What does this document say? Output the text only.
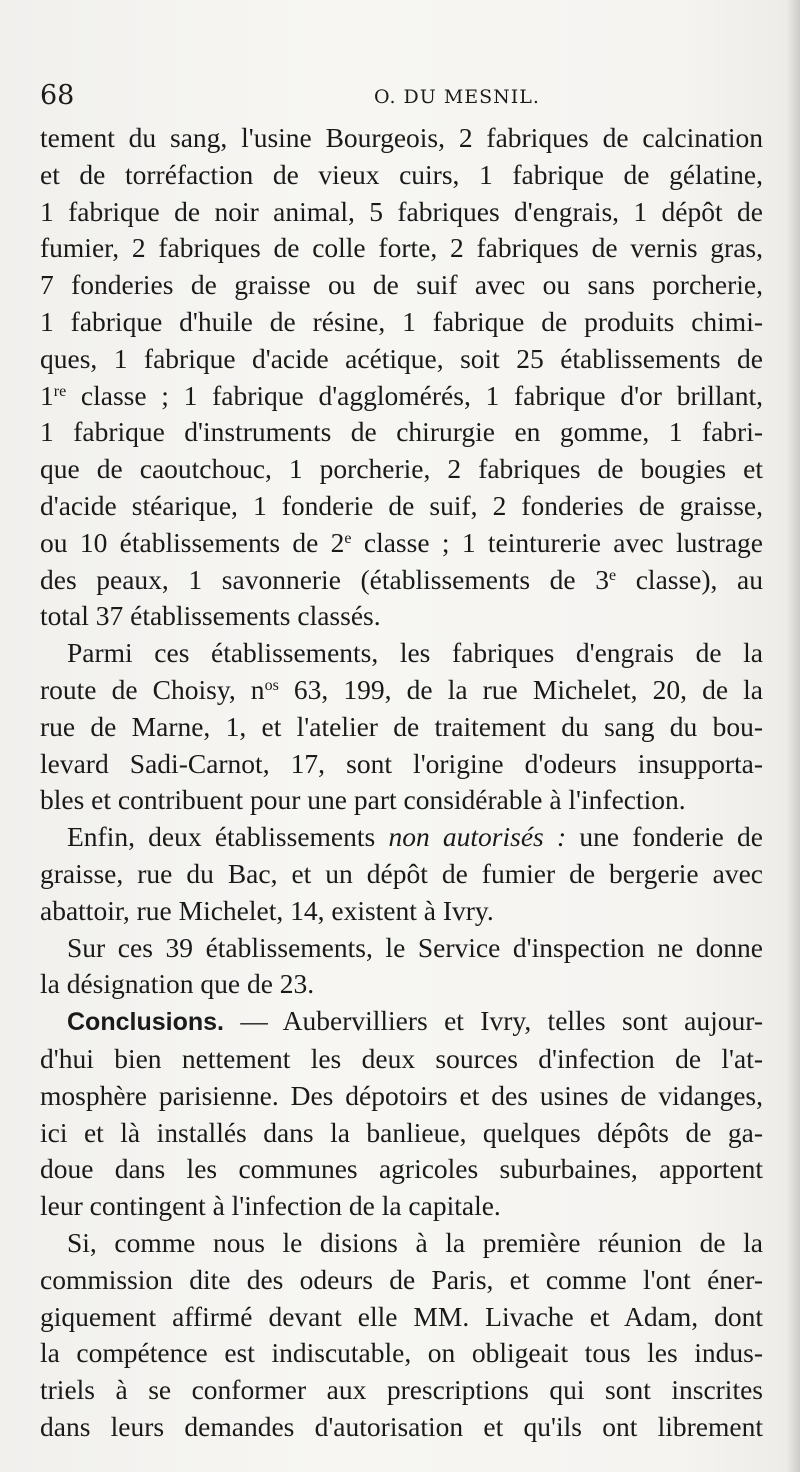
68	O. DU MESNIL.
tement du sang, l'usine Bourgeois, 2 fabriques de calcination
et de torréfaction de vieux cuirs, 1 fabrique de gélatine,
1 fabrique de noir animal, 5 fabriques d'engrais, 1 dépôt de
fumier, 2 fabriques de colle forte, 2 fabriques de vernis gras,
7 fonderies de graisse ou de suif avec ou sans porcherie,
1 fabrique d'huile de résine, 1 fabrique de produits chimi-
ques, 1 fabrique d'acide acétique, soit 25 établissements de
1re classe ; 1 fabrique d'agglomérés, 1 fabrique d'or brillant,
1 fabrique d'instruments de chirurgie en gomme, 1 fabri-
que de caoutchouc, 1 porcherie, 2 fabriques de bougies et
d'acide stéarique, 1 fonderie de suif, 2 fonderies de graisse,
ou 10 établissements de 2e classe ; 1 teinturerie avec lustrage
des peaux, 1 savonnerie (établissements de 3e classe), au
total 37 établissements classés.
Parmi ces établissements, les fabriques d'engrais de la
route de Choisy, $n^{os}$ 63, 199, de la rue Michelet, 20, de la
rue de Marne, 1, et l'atelier de traitement du sang du bou-
levard Sadi-Carnot, 17, sont l'origine d'odeurs insupporta-
bles et contribuent pour une part considérable à l'infection.
Enfin, deux établissements non autorisés : une fonderie de
graisse, rue du Bac, et un dépôt de fumier de bergerie avec
abattoir, rue Michelet, 14, existent à Ivry.
Sur ces 39 établissements, le Service d'inspection ne donne
la désignation que de 23.
Conclusions. — Aubervilliers et Ivry, telles sont aujour-
d'hui bien nettement les deux sources d'infection de l'at-
mosphère parisienne. Des dépotoirs et des usines de vidanges,
ici et là installés dans la banlieue, quelques dépôts de ga-
doue dans les communes agricoles suburbaines, apportent
leur contingent à l'infection de la capitale.
Si, comme nous le disions à la première réunion de la
commission dite des odeurs de Paris, et comme l'ont éner-
giquement affirmé devant elle MM. Livache et Adam, dont
la compétence est indiscutable, on obligeait tous les indus-
triels à se conformer aux prescriptions qui sont inscrites
dans leurs demandes d'autorisation et qu'ils ont librement
